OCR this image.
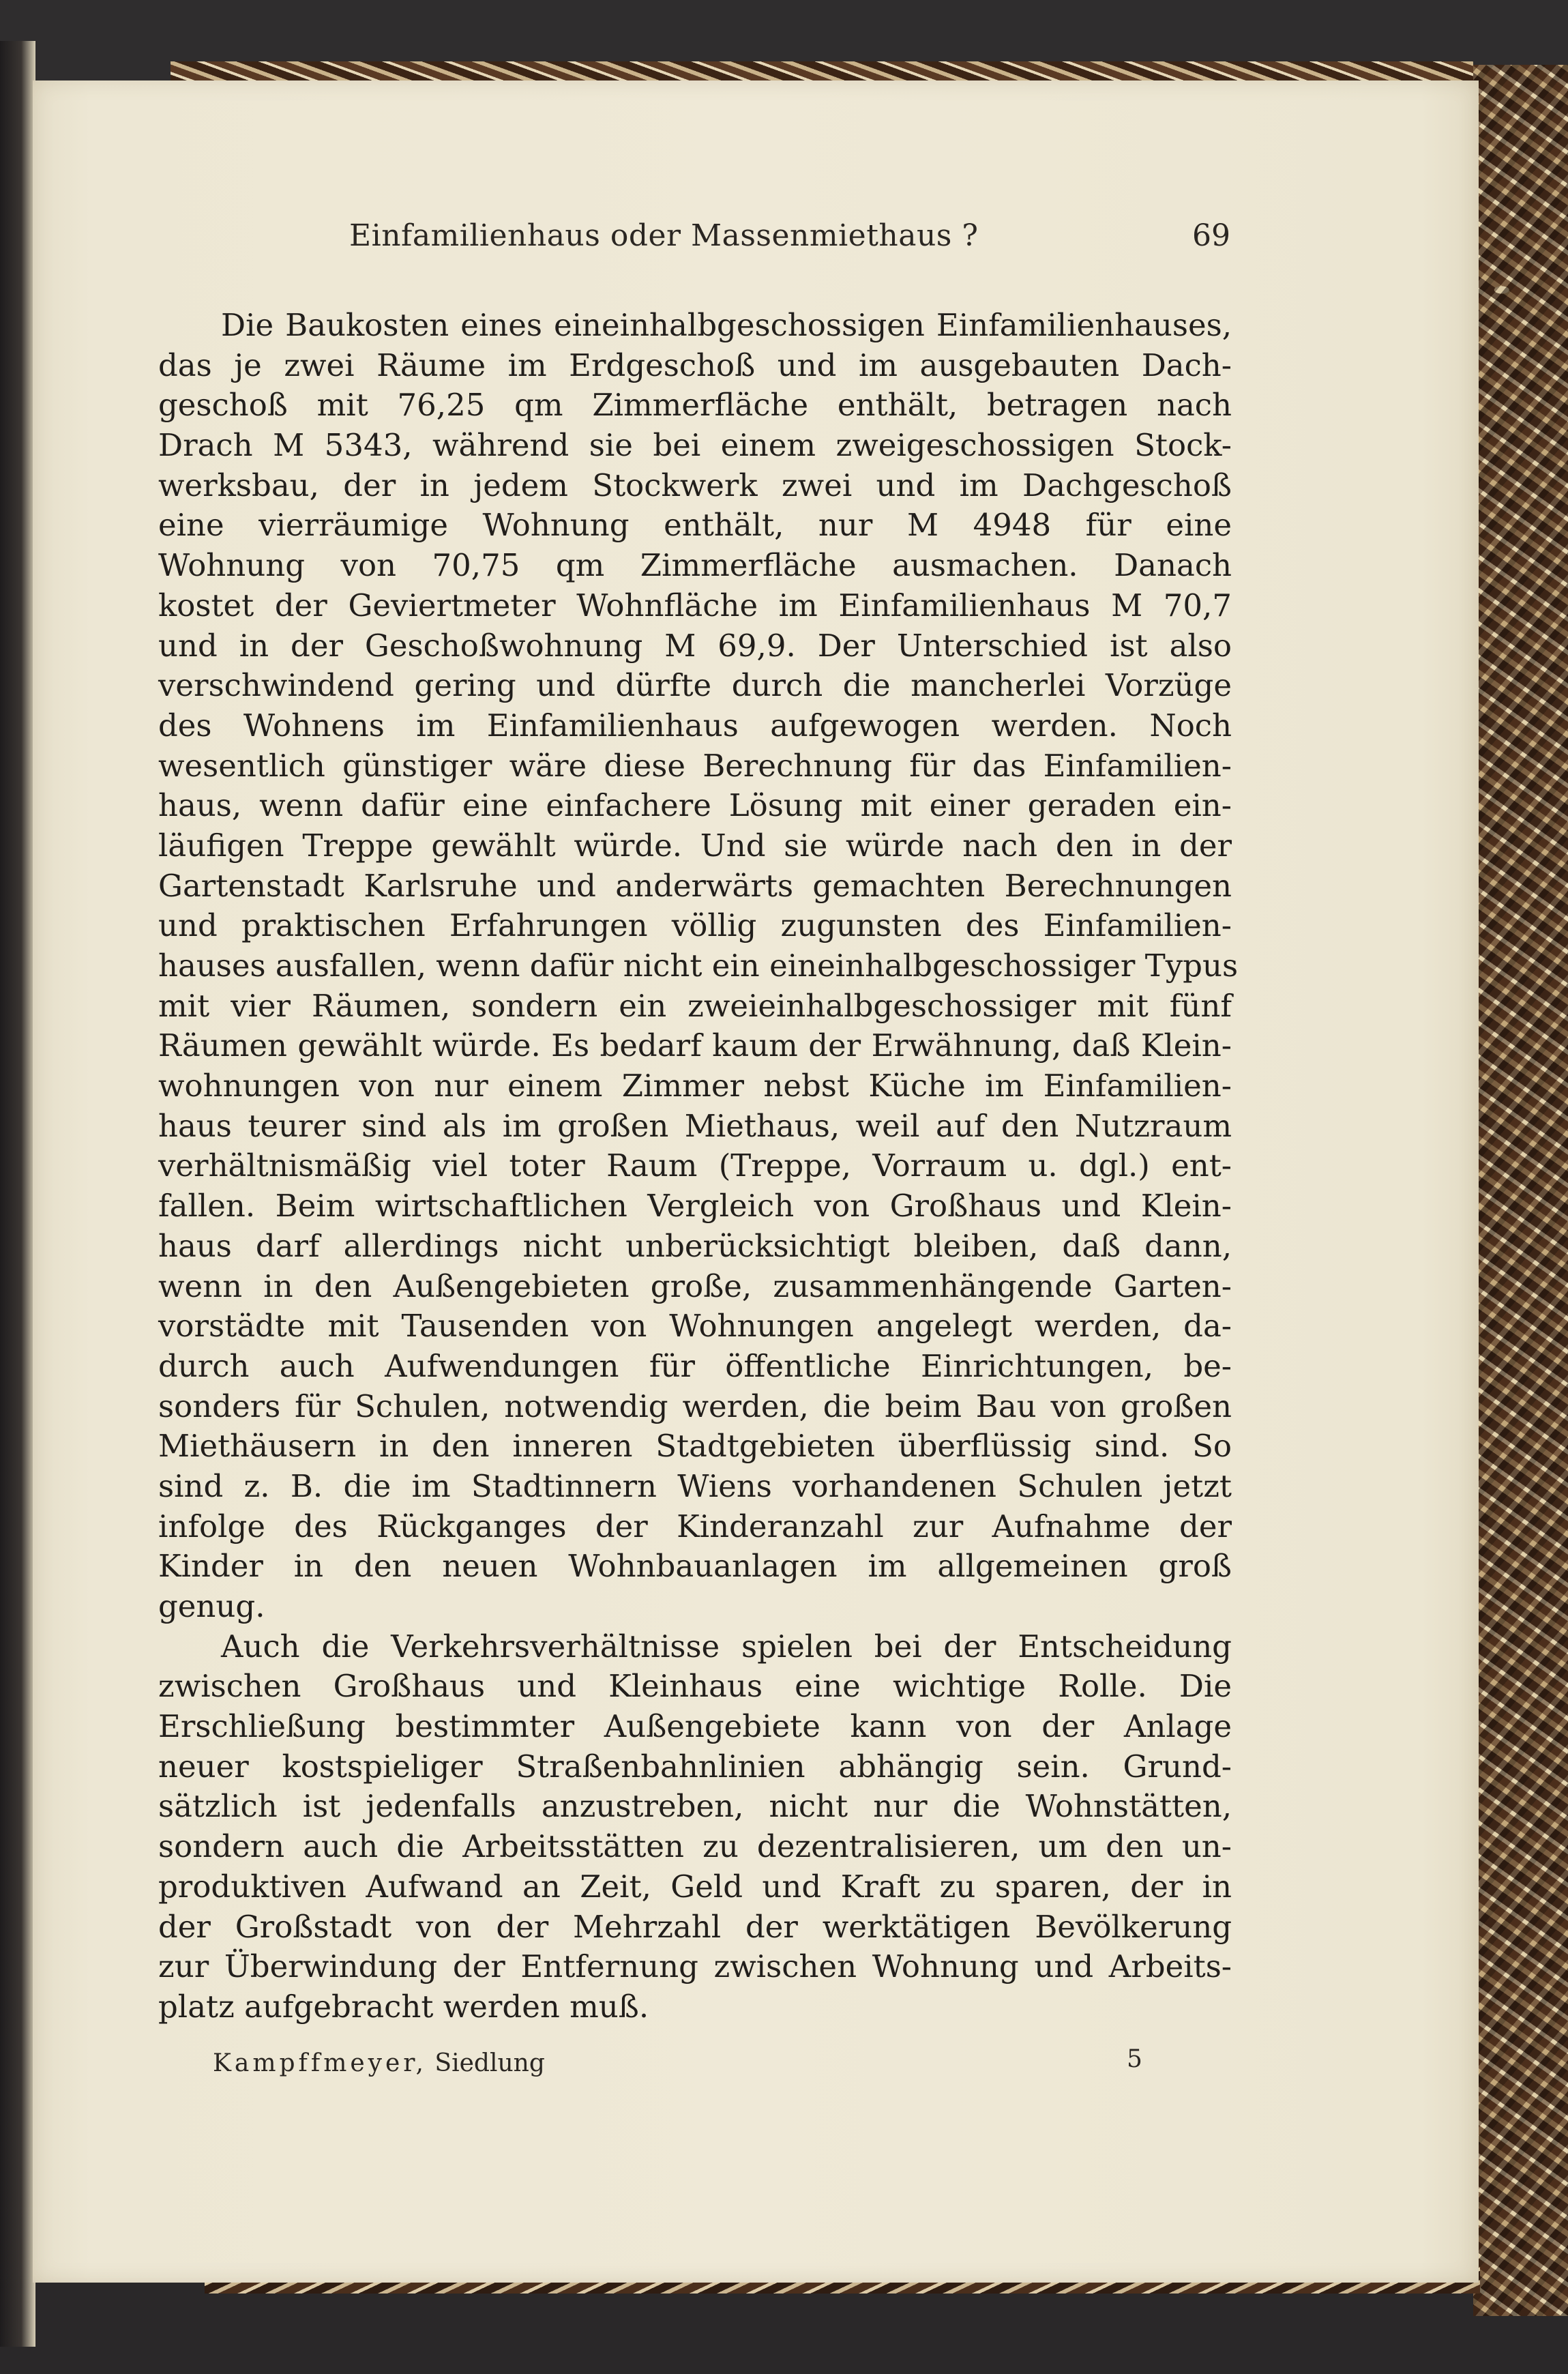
Einfamilienhaus oder Massenmiethaus ?	69
Die Baukosten eines eineinhalbgeschossigen Einfamilienhauses,
das je zwei Räume im Erdgeschoß und im ausgebauten Dach-
geschoß mit 76,25 qm Zimmerfläche enthält, betragen nach
Drach M 5343, während sie bei einem zweigeschossigen Stock-
werksbau, der in jedem Stockwerk zwei und im Dachgeschoß
eine vierräumige Wohnung enthält, nur M 4948 für eine
Wohnung von 70,75 qm Zimmerfläche ausmachen. Danach
kostet der Geviertmeter Wohnfläche im Einfamilienhaus M 70,7
und in der Geschoßwohnung M 69,9. Der Unterschied ist also
verschwindend gering und dürfte durch die mancherlei Vorzüge
des Wohnens im Einfamilienhaus aufgewogen werden. Noch
wesentlich günstiger wäre diese Berechnung für das Einfamilien-
haus, wenn dafür eine einfachere Lösung mit einer geraden ein-
läufigen Treppe gewählt würde. Und sie würde nach den in der
Gartenstadt Karlsruhe und anderwärts gemachten Berechnungen
und praktischen Erfahrungen völlig zugunsten des Einfamilien-
hauses ausfallen, wenn dafür nicht ein eineinhalbgeschossiger Typus
mit vier Räumen, sondern ein zweieinhalbgeschossiger mit fünf
Räumen gewählt würde. Es bedarf kaum der Erwähnung, daß Klein-
wohnungen von nur einem Zimmer nebst Küche im Einfamilien-
haus teurer sind als im großen Miethaus, weil auf den Nutzraum
verhältnismäßig viel toter Raum (Treppe, Vorraum u. dgl.) ent-
fallen. Beim wirtschaftlichen Vergleich von Großhaus und Klein-
haus darf allerdings nicht unberücksichtigt bleiben, daß dann,
wenn in den Außengebieten große, zusammenhängende Garten-
vorstädte mit Tausenden von Wohnungen angelegt werden, da-
durch auch Aufwendungen für öffentliche Einrichtungen, be-
sonders für Schulen, notwendig werden, die beim Bau von großen
Miethäusern in den inneren Stadtgebieten überflüssig sind. So
sind z. B. die im Stadtinnern Wiens vorhandenen Schulen jetzt
infolge des Rückganges der Kinderanzahl zur Aufnahme der
Kinder in den neuen Wohnbauanlagen im allgemeinen groß
genug.
Auch die Verkehrsverhältnisse spielen bei der Entscheidung
zwischen Großhaus und Kleinhaus eine wichtige Rolle. Die
Erschließung bestimmter Außengebiete kann von der Anlage
neuer kostspieliger Straßenbahnlinien abhängig sein. Grund-
sätzlich ist jedenfalls anzustreben, nicht nur die Wohnstätten,
sondern auch die Arbeitsstätten zu dezentralisieren, um den un-
produktiven Aufwand an Zeit, Geld und Kraft zu sparen, der in
der Großstadt von der Mehrzahl der werktätigen Bevölkerung
zur Überwindung der Entfernung zwischen Wohnung und Arbeits-
platz aufgebracht werden muß.
Kampffmeyer, Siedlung	5
